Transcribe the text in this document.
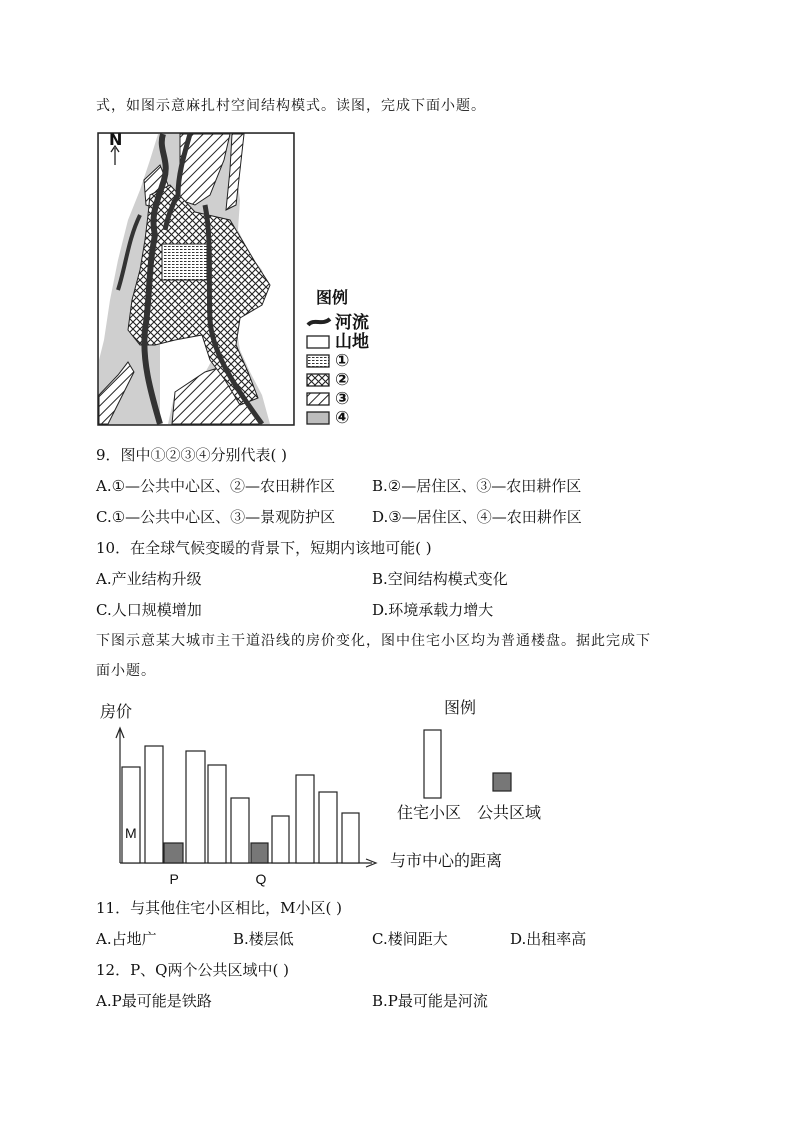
式，如图示意麻扎村空间结构模式。读图，完成下面小题。
N
图例
河流
山地
①
②
③
④
9．图中①②③④分别代表( )
A.①—公共中心区、②—农田耕作区 B.②—居住区、③—农田耕作区
C.①—公共中心区、③—景观防护区 D.③—居住区、④—农田耕作区
10．在全球气候变暖的背景下，短期内该地可能( )
A.产业结构升级	B.空间结构模式变化
C.人口规模增加	D.环境承载力增大
下图示意某大城市主干道沿线的房价变化，图中住宅小区均为普通楼盘。据此完成下
面小题。
M
P	Q
房价	图例
住宅小区 公共区域
与市中心的距离
11．与其他住宅小区相比，M小区( )
A.占地广	B.楼层低	C.楼间距大	D.出租率高
12．P、Q两个公共区域中( )
A.P最可能是铁路	B.P最可能是河流
